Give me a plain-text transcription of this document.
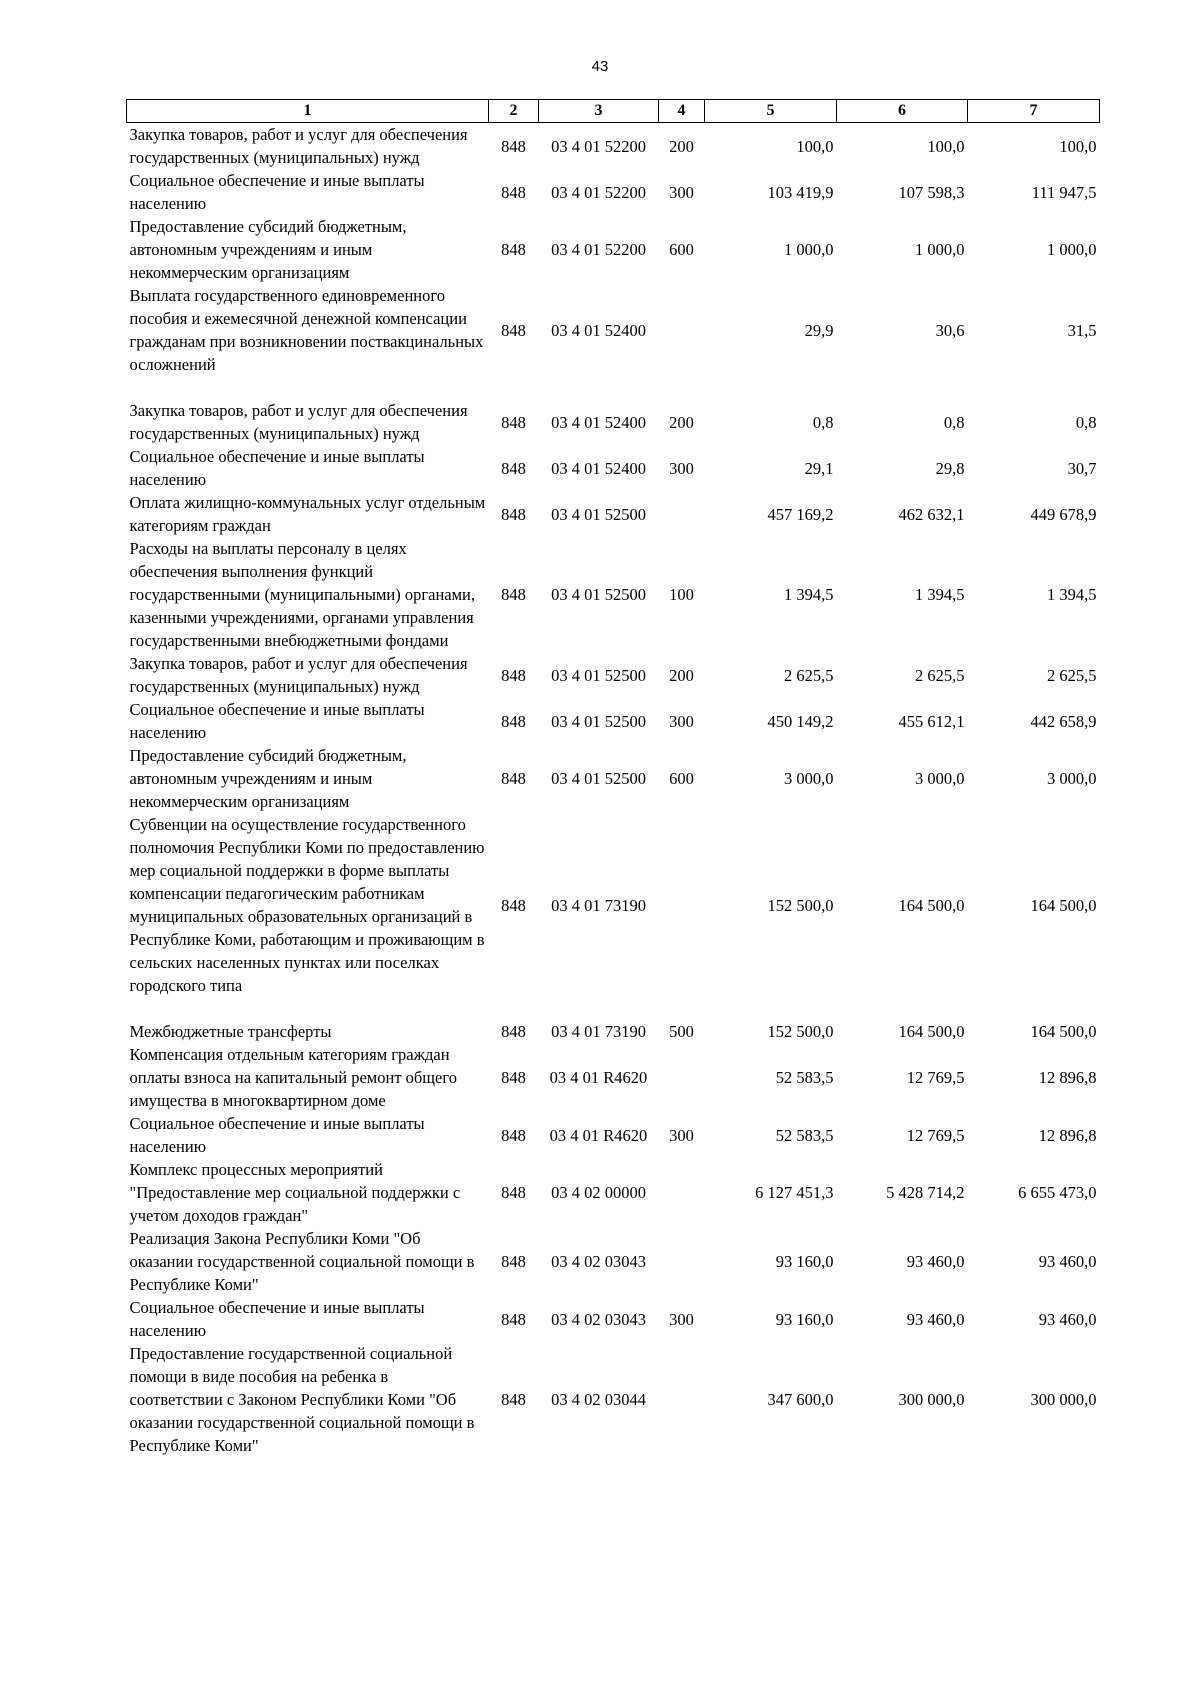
43
1	2	3	4	5	6	7
Закупка товаров, работ и услуг для обеспечения государственных (муниципальных) нужд	848	03 4 01 52200	200	100,0	100,0	100,0
Социальное обеспечение и иные выплаты населению	848	03 4 01 52200	300	103 419,9	107 598,3	111 947,5
Предоставление субсидий бюджетным, автономным учреждениям и иным некоммерческим организациям	848	03 4 01 52200	600	1 000,0	1 000,0	1 000,0
Выплата государственного единовременного пособия и ежемесячной денежной компенсации гражданам при возникновении поствакцинальных осложнений	848	03 4 01 52400		29,9	30,6	31,5
Закупка товаров, работ и услуг для обеспечения государственных (муниципальных) нужд	848	03 4 01 52400	200	0,8	0,8	0,8
Социальное обеспечение и иные выплаты населению	848	03 4 01 52400	300	29,1	29,8	30,7
Оплата жилищно-коммунальных услуг отдельным категориям граждан	848	03 4 01 52500		457 169,2	462 632,1	449 678,9
Расходы на выплаты персоналу в целях обеспечения выполнения функций государственными (муниципальными) органами, казенными учреждениями, органами управления государственными внебюджетными фондами	848	03 4 01 52500	100	1 394,5	1 394,5	1 394,5
Закупка товаров, работ и услуг для обеспечения государственных (муниципальных) нужд	848	03 4 01 52500	200	2 625,5	2 625,5	2 625,5
Социальное обеспечение и иные выплаты населению	848	03 4 01 52500	300	450 149,2	455 612,1	442 658,9
Предоставление субсидий бюджетным, автономным учреждениям и иным некоммерческим организациям	848	03 4 01 52500	600	3 000,0	3 000,0	3 000,0
Субвенции на осуществление государственного полномочия Республики Коми по предоставлению мер социальной поддержки в форме выплаты компенсации педагогическим работникам муниципальных образовательных организаций в Республике Коми, работающим и проживающим в сельских населенных пунктах или поселках городского типа	848	03 4 01 73190		152 500,0	164 500,0	164 500,0
Межбюджетные трансферты	848	03 4 01 73190	500	152 500,0	164 500,0	164 500,0
Компенсация отдельным категориям граждан оплаты взноса на капитальный ремонт общего имущества в многоквартирном доме	848	03 4 01 R4620		52 583,5	12 769,5	12 896,8
Социальное обеспечение и иные выплаты населению	848	03 4 01 R4620	300	52 583,5	12 769,5	12 896,8
Комплекс процессных мероприятий "Предоставление мер социальной поддержки с учетом доходов граждан"	848	03 4 02 00000		6 127 451,3	5 428 714,2	6 655 473,0
Реализация Закона Республики Коми "Об оказании государственной социальной помощи в Республике Коми"	848	03 4 02 03043		93 160,0	93 460,0	93 460,0
Социальное обеспечение и иные выплаты населению	848	03 4 02 03043	300	93 160,0	93 460,0	93 460,0
Предоставление государственной социальной помощи в виде пособия на ребенка в соответствии с Законом Республики Коми "Об оказании государственной социальной помощи в Республике Коми"	848	03 4 02 03044		347 600,0	300 000,0	300 000,0
